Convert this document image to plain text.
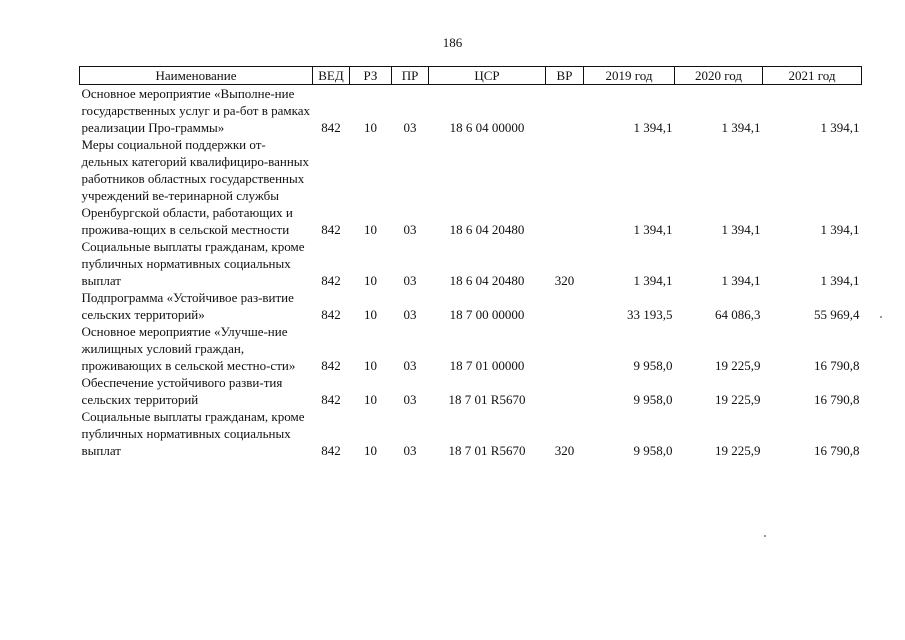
186
Наименование	ВЕД	РЗ	ПР	ЦСР	ВР	2019 год	2020 год	2021 год
Основное мероприятие «Выполне-ние государственных услуг и ра-бот в рамках реализации Про-граммы»	842	10	03	18 6 04 00000		1 394,1	1 394,1	1 394,1
Меры социальной поддержки от-дельных категорий квалифициро-ванных работников областных государственных учреждений ве-теринарной службы Оренбургской области, работающих и прожива-ющих в сельской местности	842	10	03	18 6 04 20480		1 394,1	1 394,1	1 394,1
Социальные выплаты гражданам, кроме публичных нормативных социальных выплат	842	10	03	18 6 04 20480	320	1 394,1	1 394,1	1 394,1
Подпрограмма «Устойчивое раз-витие сельских территорий»	842	10	03	18 7 00 00000		33 193,5	64 086,3	55 969,4
Основное мероприятие «Улучше-ние жилищных условий граждан, проживающих в сельской местно-сти»	842	10	03	18 7 01 00000		9 958,0	19 225,9	16 790,8
Обеспечение устойчивого разви-тия сельских территорий	842	10	03	18 7 01 R5670		9 958,0	19 225,9	16 790,8
Социальные выплаты гражданам, кроме публичных нормативных социальных выплат	842	10	03	18 7 01 R5670	320	9 958,0	19 225,9	16 790,8
